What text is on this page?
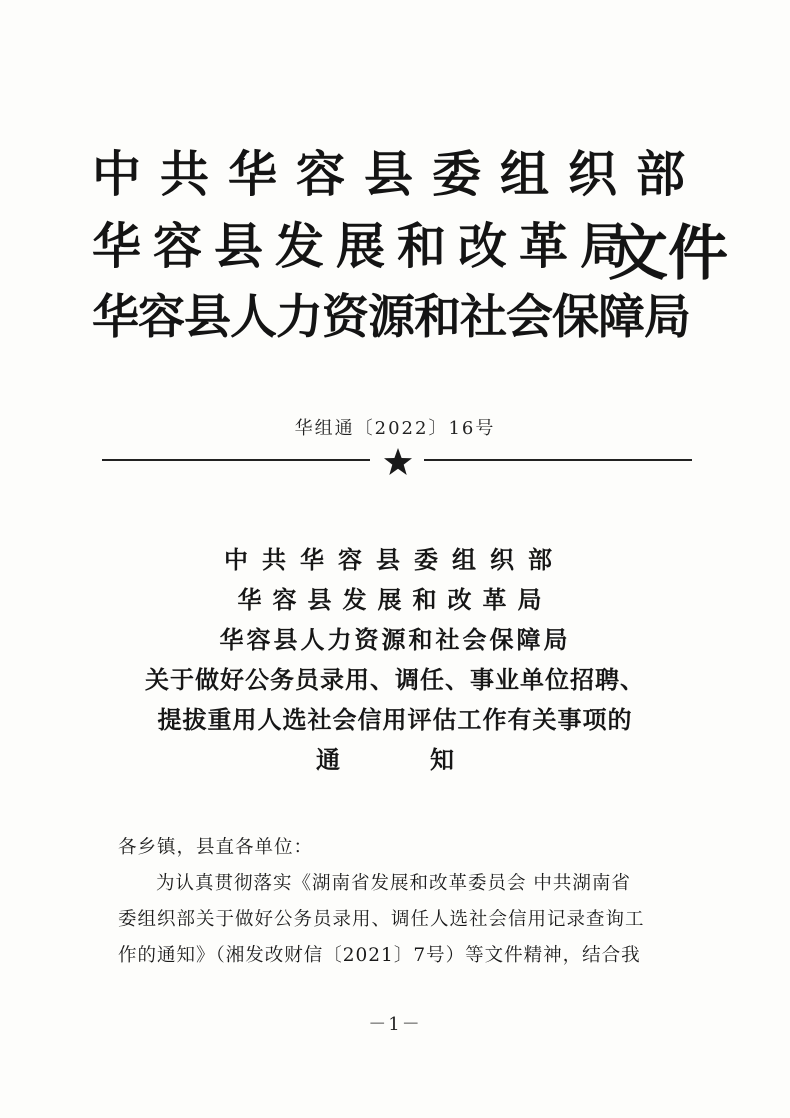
中共华容县委组织部
华容县发展和改革局
华容县人力资源和社会保障局
文件
华组通〔2022〕16号
中共华容县委组织部
华容县发展和改革局
华容县人力资源和社会保障局
关于做好公务员录用、调任、事业单位招聘、
提拔重用人选社会信用评估工作有关事项的
通知
各乡镇，县直各单位：
为认真贯彻落实《湖南省发展和改革委员会 中共湖南省
委组织部关于做好公务员录用、调任人选社会信用记录查询工
作的通知》（湘发改财信〔2021〕7号）等文件精神，结合我
－1－
